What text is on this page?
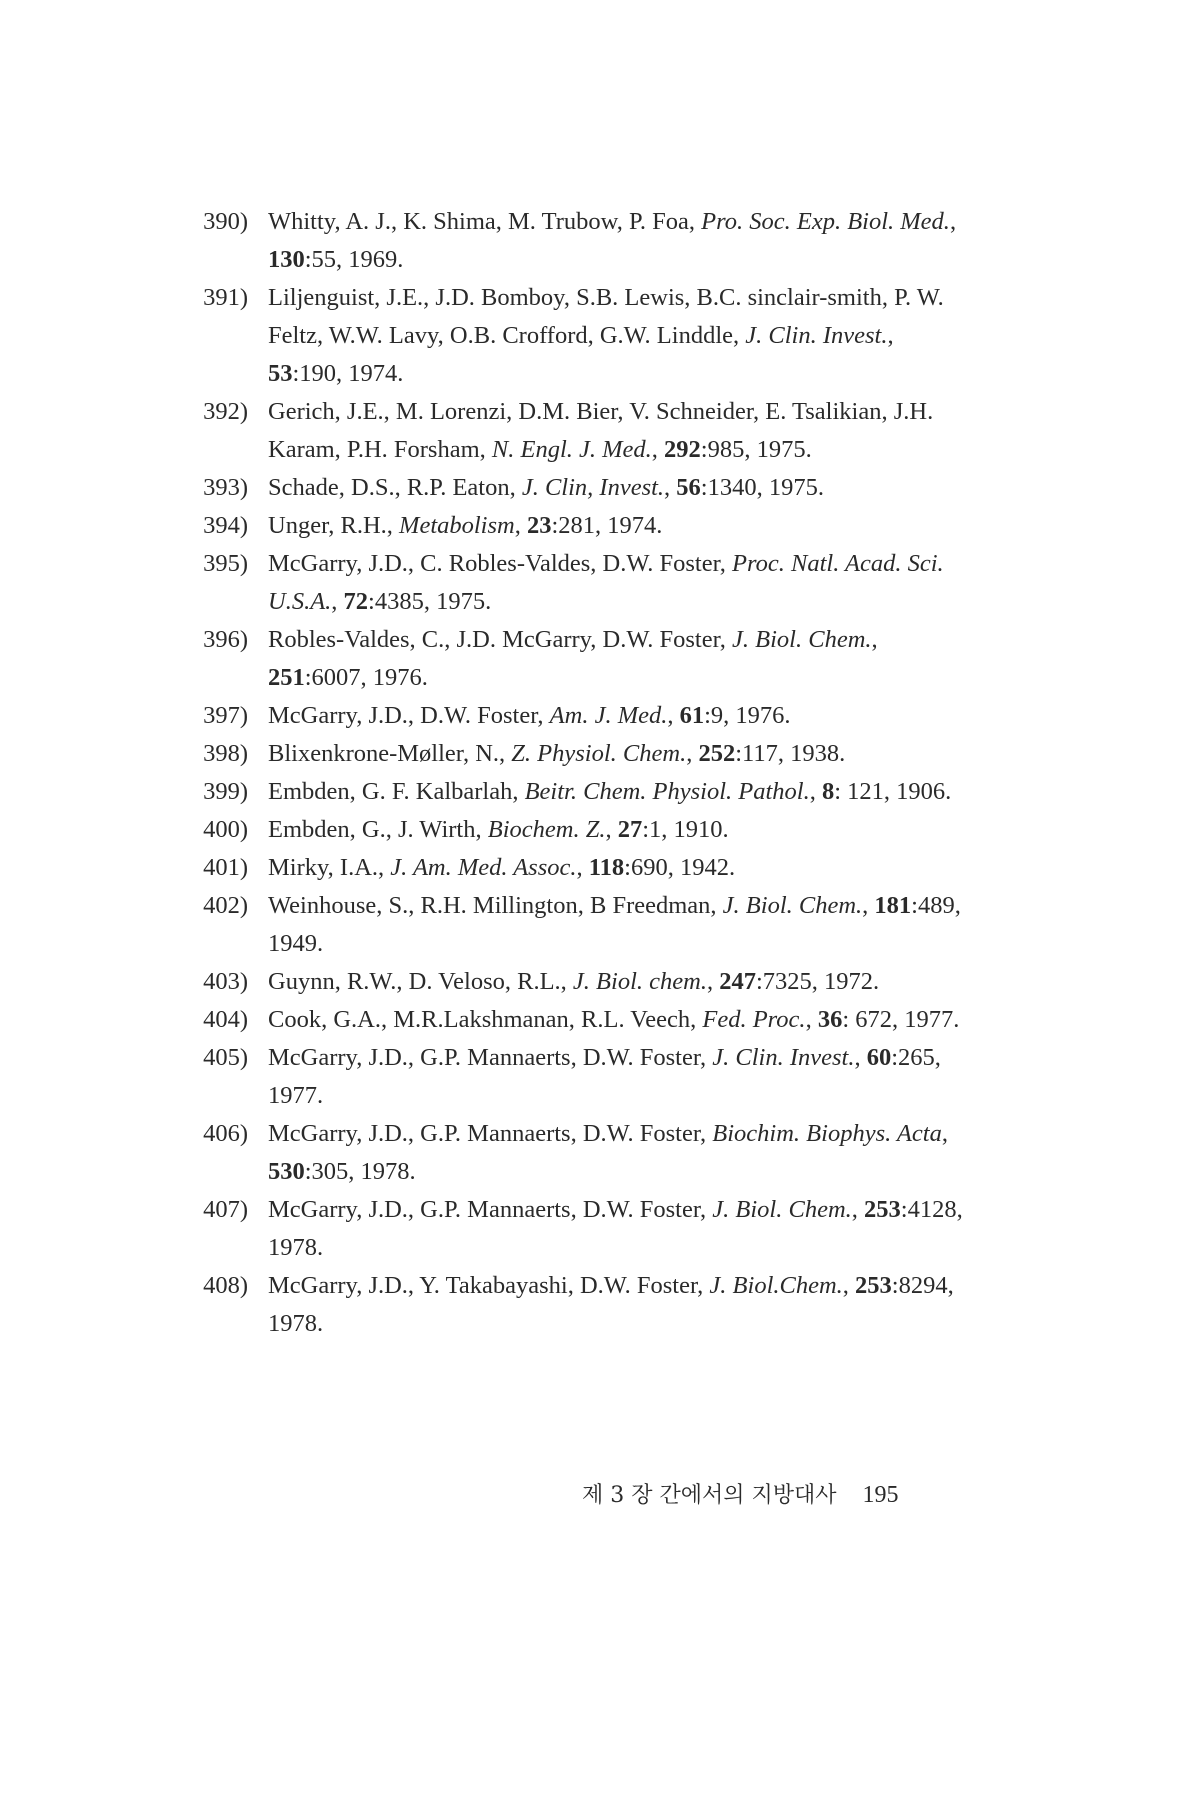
390) Whitty, A. J., K. Shima, M. Trubow, P. Foa, Pro. Soc. Exp. Biol. Med., 130:55, 1969.
391) Liljenguist, J.E., J.D. Bomboy, S.B. Lewis, B.C. sinclair-smith, P. W. Feltz, W.W. Lavy, O.B. Crofford, G.W. Linddle, J. Clin. Invest., 53:190, 1974.
392) Gerich, J.E., M. Lorenzi, D.M. Bier, V. Schneider, E. Tsalikian, J.H. Karam, P.H. Forsham, N. Engl. J. Med., 292:985, 1975.
393) Schade, D.S., R.P. Eaton, J. Clin, Invest., 56:1340, 1975.
394) Unger, R.H., Metabolism, 23:281, 1974.
395) McGarry, J.D., C. Robles-Valdes, D.W. Foster, Proc. Natl. Acad. Sci. U.S.A., 72:4385, 1975.
396) Robles-Valdes, C., J.D. McGarry, D.W. Foster, J. Biol. Chem., 251:6007, 1976.
397) McGarry, J.D., D.W. Foster, Am. J. Med., 61:9, 1976.
398) Blixenkrone-Møller, N., Z. Physiol. Chem., 252:117, 1938.
399) Embden, G. F. Kalbarlah, Beitr. Chem. Physiol. Pathol., 8: 121, 1906.
400) Embden, G., J. Wirth, Biochem. Z., 27:1, 1910.
401) Mirky, I.A., J. Am. Med. Assoc., 118:690, 1942.
402) Weinhouse, S., R.H. Millington, B Freedman, J. Biol. Chem., 181:489, 1949.
403) Guynn, R.W., D. Veloso, R.L., J. Biol. chem., 247:7325, 1972.
404) Cook, G.A., M.R.Lakshmanan, R.L. Veech, Fed. Proc., 36: 672, 1977.
405) McGarry, J.D., G.P. Mannaerts, D.W. Foster, J. Clin. Invest., 60:265, 1977.
406) McGarry, J.D., G.P. Mannaerts, D.W. Foster, Biochim. Biophys. Acta, 530:305, 1978.
407) McGarry, J.D., G.P. Mannaerts, D.W. Foster, J. Biol. Chem., 253:4128, 1978.
408) McGarry, J.D., Y. Takabayashi, D.W. Foster, J. Biol.Chem., 253:8294, 1978.
제 3 장 간에서의 지방대사 195
